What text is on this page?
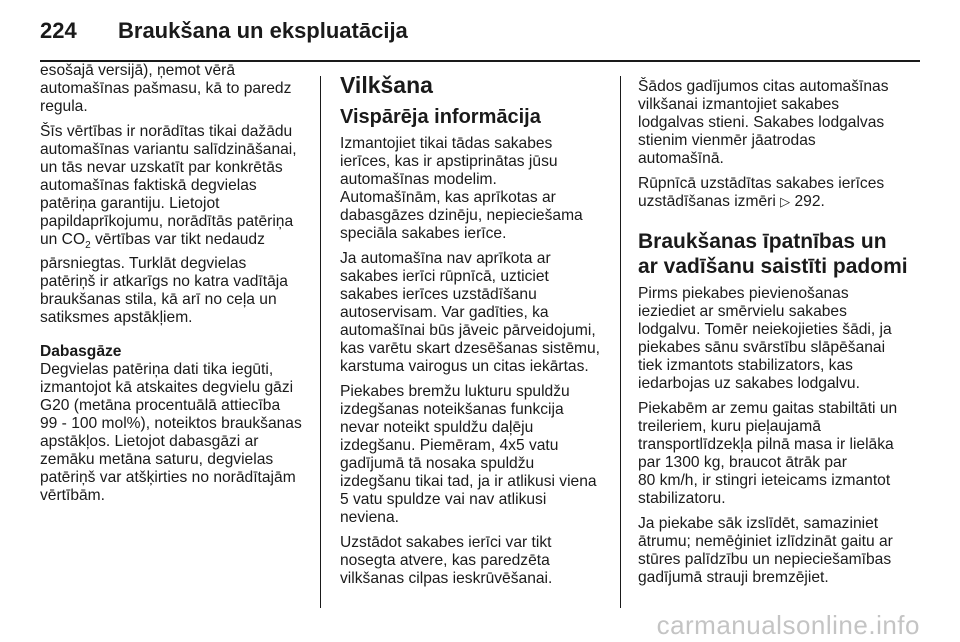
224 Braukšana un ekspluatācija

esošajā versijā), ņemot vērā
automašīnas pašmasu, kā to paredz
regula.

Šīs vērtības ir norādītas tikai dažādu
automašīnas variantu salīdzināšanai,
un tās nevar uzskatīt par konkrētās
automašīnas faktiskā degvielas
patēriņa garantiju. Lietojot
papildaprīkojumu, norādītās patēriņa
un $CO_2$ vērtības var tikt nedaudz
pārsniegtas. Turklāt degvielas
patēriņš ir atkarīgs no katra vadītāja
braukšanas stila, kā arī no ceļa un
satiksmes apstākļiem.

Dabasgāze

Degvielas patēriņa dati tika iegūti,
izmantojot kā atskaites degvielu gāzi
G20 (metāna procentuālā attiecība
99 - 100 mol%), noteiktos braukšanas
apstākļos. Lietojot dabasgāzi ar
zemāku metāna saturu, degvielas
patēriņš var atšķirties no norādītajām
vērtībām.

Vilkšana
Vispārēja informācija

Izmantojiet tikai tādas sakabes
ierīces, kas ir apstiprinātas jūsu
automašīnas modelim.
Automašīnām, kas aprīkotas ar
dabasgāzes dzinēju, nepieciešama
speciāla sakabes ierīce.

Ja automašīna nav aprīkota ar
sakabes ierīci rūpnīcā, uzticiet
sakabes ierīces uzstādīšanu
autoservisam. Var gadīties, ka
automašīnai būs jāveic pārveidojumi,
kas varētu skart dzesēšanas sistēmu,
karstuma vairogus un citas iekārtas.

Piekabes bremžu lukturu spuldžu
izdegšanas noteikšanas funkcija
nevar noteikt spuldžu daļēju
izdegšanu. Piemēram, 4x5 vatu
gadījumā tā nosaka spuldžu
izdegšanu tikai tad, ja ir atlikusi viena
5 vatu spuldze vai nav atlikusi
neviena.

Uzstādot sakabes ierīci var tikt
nosegta atvere, kas paredzēta
vilkšanas cilpas ieskrūvēšanai.

Šādos gadījumos citas automašīnas
vilkšanai izmantojiet sakabes
lodgalvas stieni. Sakabes lodgalvas
stienim vienmēr jāatrodas
automašīnā.

Rūpnīcā uzstādītas sakabes ierīces
uzstādīšanas izmēri ▷ 292.

Braukšanas īpatnības un
ar vadīšanu saistīti padomi

Pirms piekabes pievienošanas
ieziediet ar smērvielu sakabes
lodgalvu. Tomēr neiekojieties šādi, ja
piekabes sānu svārstību slāpēšanai
tiek izmantots stabilizators, kas
iedarbojas uz sakabes lodgalvu.

Piekabēm ar zemu gaitas stabiltāti un
treileriem, kuru pieļaujamā
transportlīdzekļa pilnā masa ir lielāka
par 1300 kg, braucot ātrāk par
80 km/h, ir stingri ieteicams izmantot
stabilizatoru.

Ja piekabe sāk izslīdēt, samaziniet
ātrumu; nemēģiniet izlīdzināt gaitu ar
stūres palīdzību un nepieciešamības
gadījumā strauji bremzējiet.

carmanualsonline.info
